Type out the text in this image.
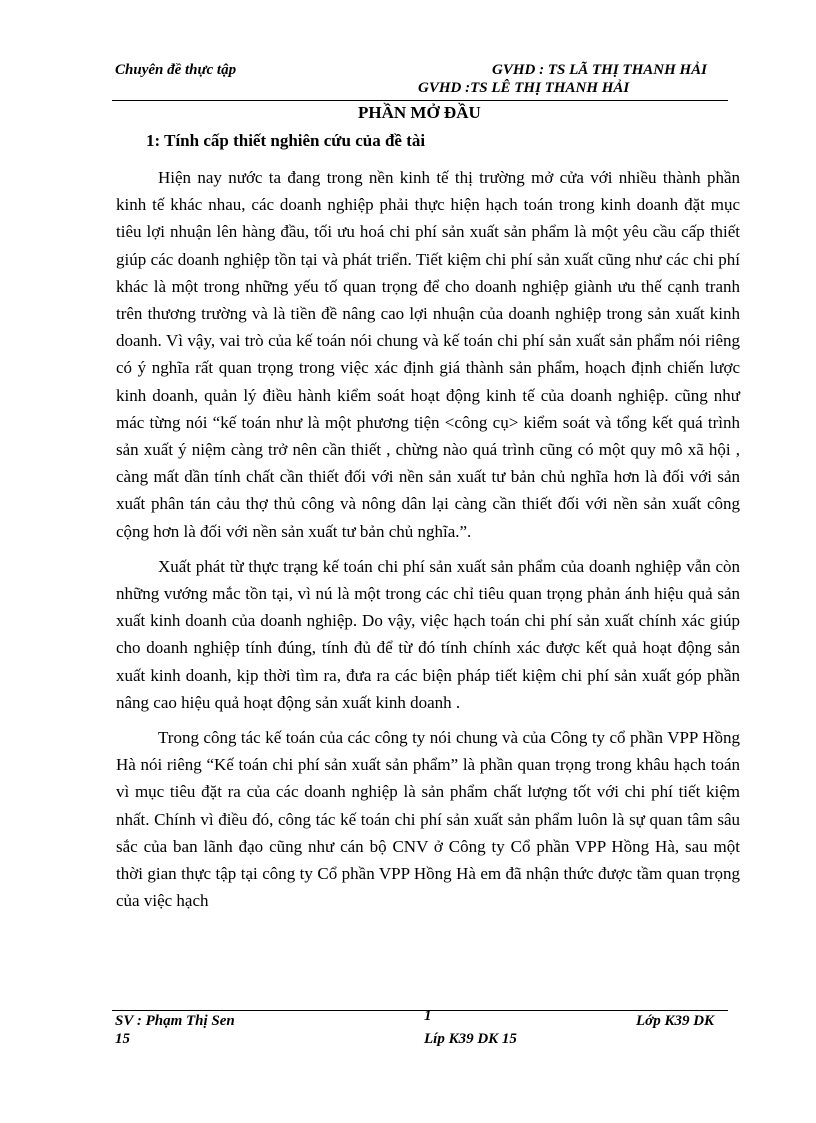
Chuyên đề thực tập	GVHD : TS LÃ THỊ THANH HẢI
GVHD :TS LÊ THỊ THANH HẢI
PHẦN MỞ ĐẦU
1: Tính cấp thiết nghiên cứu của đề tài

Hiện nay nước ta đang trong nền kinh tế thị trường mở cửa với nhiều thành phần kinh tế khác nhau, các doanh nghiệp phải thực hiện hạch toán trong kinh doanh đặt mục tiêu lợi nhuận lên hàng đầu, tối ưu hoá chi phí sản xuất sản phẩm là một yêu cầu cấp thiết giúp các doanh nghiệp tồn tại và phát triển. Tiết kiệm chi phí sản xuất cũng như các chi phí khác là một trong những yếu tố quan trọng để cho doanh nghiệp giành ưu thế cạnh tranh trên thương trường và là tiền đề nâng cao lợi nhuận của doanh nghiệp trong sản xuất kinh doanh. Vì vậy, vai trò của kế toán nói chung và kế toán chi phí sản xuất sản phẩm nói riêng có ý nghĩa rất quan trọng trong việc xác định giá thành sản phẩm, hoạch định chiến lược kinh doanh, quản lý điều hành kiểm soát hoạt động kinh tế của doanh nghiệp. cũng như mác từng nói “kế toán như là một phương tiện <công cụ> kiểm soát và tổng kết quá trình sản xuất ý niệm càng trở nên cần thiết , chừng nào quá trình cũng có một quy mô xã hội , càng mất dần tính chất cần thiết đối với nền sản xuất tư bản chủ nghĩa hơn là đối với sản xuất phân tán cảu thợ thủ công và nông dân lại càng cần thiết đối với nền sản xuất công cộng hơn là đối với nền sản xuất tư bản chủ nghĩa.”.

Xuất phát từ thực trạng kế toán chi phí sản xuất sản phẩm của doanh nghiệp vẫn còn những vướng mắc tồn tại, vì nú là một trong các chỉ tiêu quan trọng phản ánh hiệu quả sản xuất kinh doanh của doanh nghiệp. Do vậy, việc hạch toán chi phí sản xuất chính xác giúp cho doanh nghiệp tính đúng, tính đủ để từ đó tính chính xác được kết quả hoạt động sản xuất kinh doanh, kịp thời tìm ra, đưa ra các biện pháp tiết kiệm chi phí sản xuất góp phần nâng cao hiệu quả hoạt động sản xuất kinh doanh .

Trong công tác kế toán của các công ty nói chung và của Công ty cổ phần VPP Hồng Hà nói riêng “Kế toán chi phí sản xuất sản phẩm” là phần quan trọng trong khâu hạch toán vì mục tiêu đặt ra của các doanh nghiệp là sản phẩm chất lượng tốt với chi phí tiết kiệm nhất. Chính vì điều đó, công tác kế toán chi phí sản xuất sản phẩm luôn là sự quan tâm sâu sắc của ban lãnh đạo cũng như cán bộ CNV ở Công ty Cổ phần VPP Hồng Hà, sau một thời gian thực tập tại công ty Cổ phần VPP Hồng Hà em đã nhận thức được tầm quan trọng của việc hạch

SV : Phạm Thị Sen
15
1	Lớp K39 DK
Líp K39 DK 15
